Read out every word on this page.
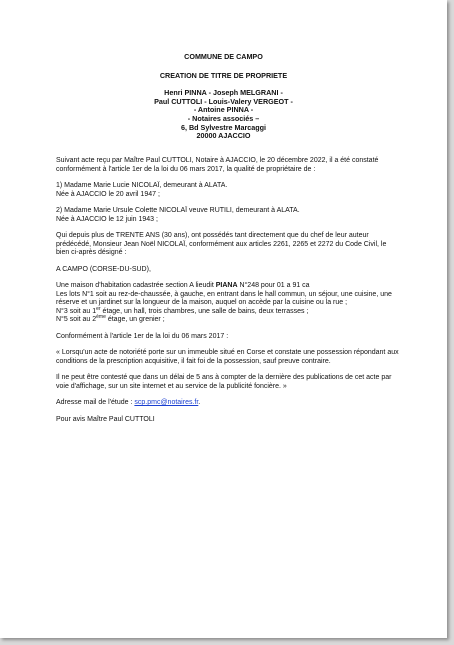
COMMUNE DE CAMPO
CREATION DE TITRE DE PROPRIETE
Henri PINNA - Joseph MELGRANI -
Paul CUTTOLI - Louis-Valery VERGEOT -
- Antoine PINNA -
- Notaires associés –
6, Bd Sylvestre Marcaggi
20000 AJACCIO

Suivant acte reçu par Maître Paul CUTTOLI, Notaire à AJACCIO, le 20 décembre 2022, il a été constaté conformément à l'article 1er de la loi du 06 mars 2017, la qualité de propriétaire de :

1) Madame Marie Lucie NICOLAÏ, demeurant à ALATA.

Née à AJACCIO le 20 avril 1947 ;

2) Madame Marie Ursule Colette NICOLAÏ veuve RUTILI, demeurant à ALATA.

Née à AJACCIO le 12 juin 1943 ;

Qui depuis plus de TRENTE ANS (30 ans), ont possédés tant directement que du chef de leur auteur prédécédé, Monsieur Jean Noël NICOLAÏ, conformément aux articles 2261, 2265 et 2272 du Code Civil, le bien ci-après désigné :

A CAMPO (CORSE-DU-SUD),

Une maison d'habitation cadastrée section A lieudit PIANA N°248 pour 01 a 91 ca

Les lots N°1 soit au rez-de-chaussée, à gauche, en entrant dans le hall commun, un séjour, une cuisine, une réserve et un jardinet sur la longueur de la maison, auquel on accède par la cuisine ou la rue ;

N°3 soit au 1er étage, un hall, trois chambres, une salle de bains, deux terrasses ;

N°5 soit au 2ème étage, un grenier ;

Conformément à l'article 1er de la loi du 06 mars 2017 :

« Lorsqu'un acte de notoriété porte sur un immeuble situé en Corse et constate une possession répondant aux conditions de la prescription acquisitive, il fait foi de la possession, sauf preuve contraire.

Il ne peut être contesté que dans un délai de 5 ans à compter de la dernière des publications de cet acte par voie d'affichage, sur un site internet et au service de la publicité foncière. »

Adresse mail de l'étude : scp.pmc@notaires.fr.

Pour avis Maître Paul CUTTOLI
